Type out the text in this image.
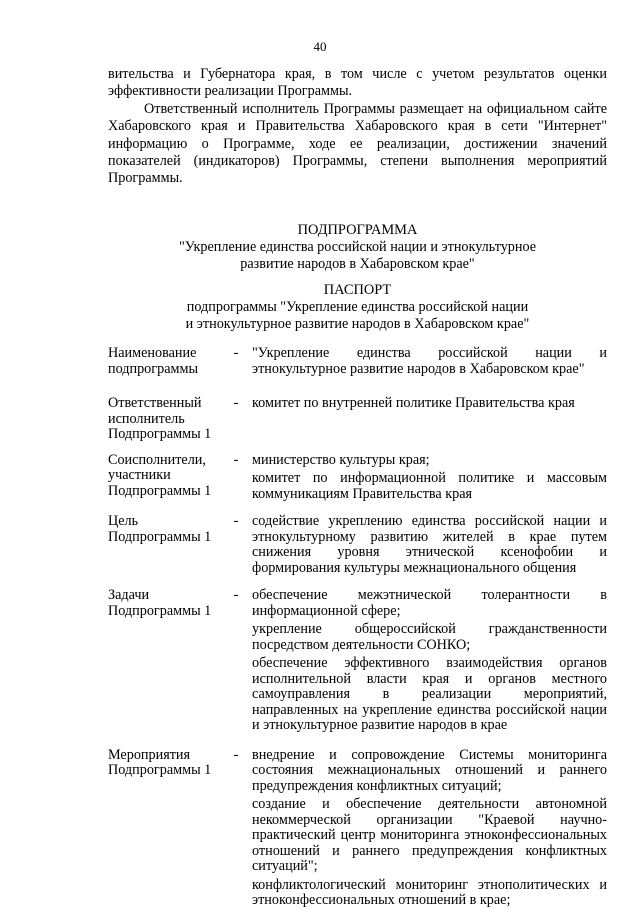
40

вительства и Губернатора края, в том числе с учетом результатов оценки эффективности реализации Программы.

Ответственный исполнитель Программы размещает на официальном сайте Хабаровского края и Правительства Хабаровского края в сети "Интернет" информацию о Программе, ходе ее реализации, достижении значений показателей (индикаторов) Программы, степени выполнения мероприятий Программы.

ПОДПРОГРАММА
"Укрепление единства российской нации и этнокультурное
развитие народов в Хабаровском крае"
ПАСПОРТ
подпрограммы "Укрепление единства российской нации
и этнокультурное развитие народов в Хабаровском крае"
Наименование подпрограммы
- "Укрепление единства российской нации и этнокультурное развитие народов в Хабаровском крае"

Ответственный исполнитель Подпрограммы 1
- комитет по внутренней политике Правительства края

Соисполнители, участники Подпрограммы 1
- министерство культуры края;

комитет по информационной политике и массовым коммуникациям Правительства края

Цель Подпрограммы 1
- содействие укреплению единства российской нации и этнокультурному развитию жителей в крае путем снижения уровня этнической ксенофобии и формирования культуры межнационального общения

Задачи Подпрограммы 1
- обеспечение межэтнической толерантности в информационной сфере;

укрепление общероссийской гражданственности посредством деятельности СОНКО;

обеспечение эффективного взаимодействия органов исполнительной власти края и органов местного самоуправления в реализации мероприятий, направленных на укрепление единства российской нации и этнокультурное развитие народов в крае

Мероприятия Подпрограммы 1
- внедрение и сопровождение Системы мониторинга состояния межнациональных отношений и раннего предупреждения конфликтных ситуаций;

создание и обеспечение деятельности автономной некоммерческой организации "Краевой научно-практический центр мониторинга этноконфессиональных отношений и раннего предупреждения конфликтных ситуаций";

конфликтологический мониторинг этнополитических и этноконфессиональных отношений в крае;
